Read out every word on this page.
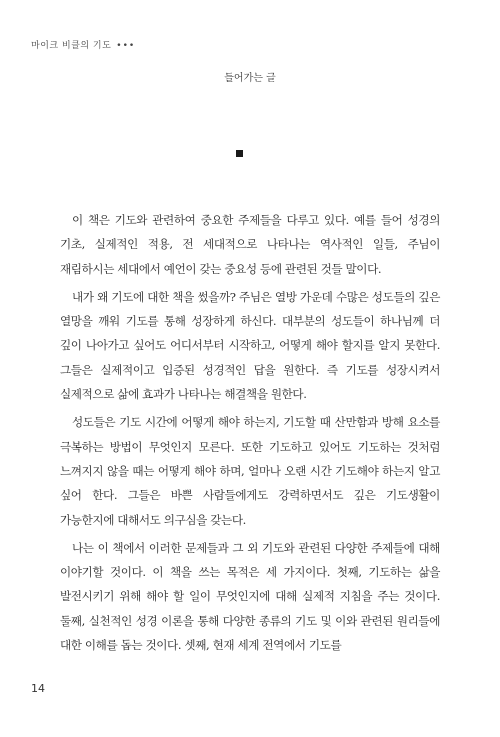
마이크 비클의 기도 •••
들어가는 글

이 책은 기도와 관련하여 중요한 주제들을 다루고 있다. 예를 들어 성경의 기초, 실제적인 적용, 전 세대적으로 나타나는 역사적인 일들, 주님이 재림하시는 세대에서 예언이 갖는 중요성 등에 관련된 것들 말이다.

내가 왜 기도에 대한 책을 썼을까? 주님은 열방 가운데 수많은 성도들의 깊은 열망을 깨워 기도를 통해 성장하게 하신다. 대부분의 성도들이 하나님께 더 깊이 나아가고 싶어도 어디서부터 시작하고, 어떻게 해야 할지를 알지 못한다. 그들은 실제적이고 입증된 성경적인 답을 원한다. 즉 기도를 성장시켜서 실제적으로 삶에 효과가 나타나는 해결책을 원한다.

성도들은 기도 시간에 어떻게 해야 하는지, 기도할 때 산만함과 방해 요소를 극복하는 방법이 무엇인지 모른다. 또한 기도하고 있어도 기도하는 것처럼 느껴지지 않을 때는 어떻게 해야 하며, 얼마나 오랜 시간 기도해야 하는지 알고 싶어 한다. 그들은 바쁜 사람들에게도 강력하면서도 깊은 기도생활이 가능한지에 대해서도 의구심을 갖는다.

나는 이 책에서 이러한 문제들과 그 외 기도와 관련된 다양한 주제들에 대해 이야기할 것이다. 이 책을 쓰는 목적은 세 가지이다. 첫째, 기도하는 삶을 발전시키기 위해 해야 할 일이 무엇인지에 대해 실제적 지침을 주는 것이다. 둘째, 실천적인 성경 이론을 통해 다양한 종류의 기도 및 이와 관련된 원리들에 대한 이해를 돕는 것이다. 셋째, 현재 세계 전역에서 기도를

14
